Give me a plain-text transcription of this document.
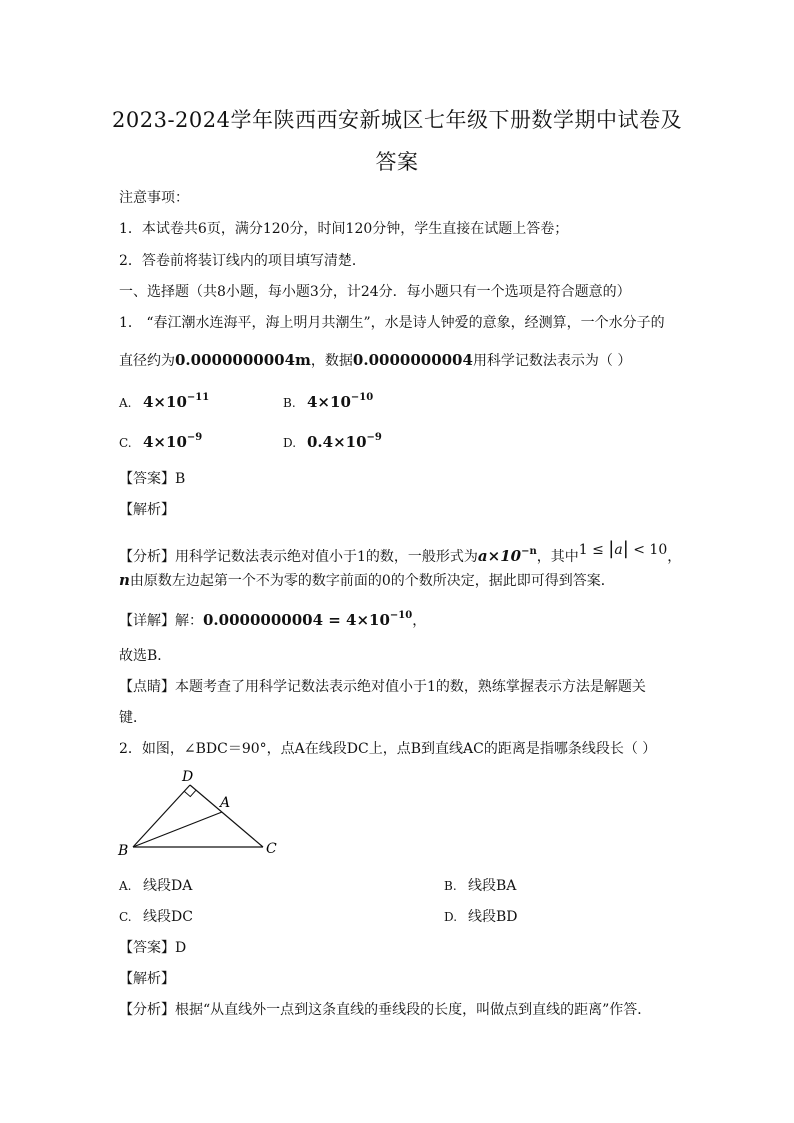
2023-2024学年陕西西安新城区七年级下册数学期中试卷及
答案
注意事项：
1．本试卷共6页，满分120分，时间120分钟，学生直接在试题上答卷；
2．答卷前将装订线内的项目填写清楚．
一、选择题（共8小题，每小题3分，计24分．每小题只有一个选项是符合题意的）
1． “春江潮水连海平，海上明月共潮生”，水是诗人钟爱的意象，经测算，一个水分子的
直径约为0.0000000004m，数据0.0000000004用科学记数法表示为（ ）
A. $4\times 10^{-11}$	B. $4\times 10^{-10}$
C. $4\times 10^{-9}$	D. $0.4\times 10^{-9}$
【答案】B
【解析】
【分析】用科学记数法表示绝对值小于1的数，一般形式为$a\times 10^{-n}$，其中1 ≤ |a| < 10，
n由原数左边起第一个不为零的数字前面的0的个数所决定，据此即可得到答案．
【详解】解：$0.0000000004 = 4\times 10^{-10}$，
故选B．
【点睛】本题考查了用科学记数法表示绝对值小于1的数，熟练掌握表示方法是解题关
键．
2．如图，∠BDC＝90°，点A在线段DC上，点B到直线AC的距离是指哪条线段长（ ）
D
A
B	C
A. 线段DA	B. 线段BA
C. 线段DC	D. 线段BD
【答案】D
【解析】
【分析】根据“从直线外一点到这条直线的垂线段的长度，叫做点到直线的距离”作答．
